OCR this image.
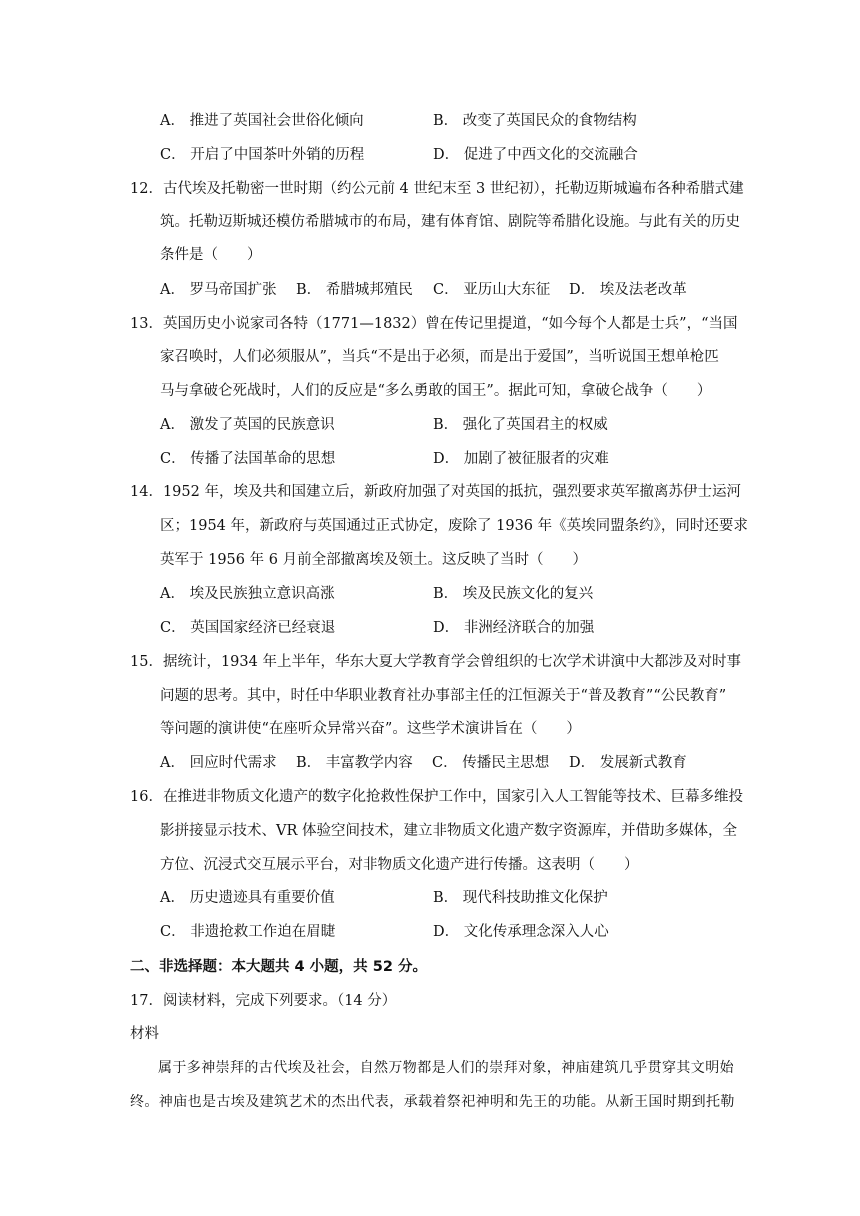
A． 推进了英国社会世俗化倾向	B． 改变了英国民众的食物结构
C． 开启了中国茶叶外销的历程	D． 促进了中西文化的交流融合
12．古代埃及托勒密一世时期（约公元前 4 世纪末至 3 世纪初），托勒迈斯城遍布各种希腊式建
筑。托勒迈斯城还模仿希腊城市的布局，建有体育馆、剧院等希腊化设施。与此有关的历史
条件是（　　）
A． 罗马帝国扩张 B． 希腊城邦殖民 C． 亚历山大东征 D． 埃及法老改革
13．英国历史小说家司各特（1771—1832）曾在传记里提道，“如今每个人都是士兵”，“当国
家召唤时，人们必须服从”，当兵“不是出于必须，而是出于爱国”，当听说国王想单枪匹
马与拿破仑死战时，人们的反应是“多么勇敢的国王”。据此可知，拿破仑战争（　　）
A． 激发了英国的民族意识	B． 强化了英国君主的权威
C． 传播了法国革命的思想	D． 加剧了被征服者的灾难
14．1952 年，埃及共和国建立后，新政府加强了对英国的抵抗，强烈要求英军撤离苏伊士运河
区；1954 年，新政府与英国通过正式协定，废除了 1936 年《英埃同盟条约》，同时还要求
英军于 1956 年 6 月前全部撤离埃及领土。这反映了当时（　　）
A． 埃及民族独立意识高涨	B． 埃及民族文化的复兴
C． 英国国家经济已经衰退	D． 非洲经济联合的加强
15．据统计，1934 年上半年，华东大夏大学教育学会曾组织的七次学术讲演中大都涉及对时事
问题的思考。其中，时任中华职业教育社办事部主任的江恒源关于“普及教育”“公民教育”
等问题的演讲使“在座听众异常兴奋”。这些学术演讲旨在（　　）
A． 回应时代需求 B． 丰富教学内容 C． 传播民主思想 D． 发展新式教育
16．在推进非物质文化遗产的数字化抢救性保护工作中，国家引入人工智能等技术、巨幕多维投
影拼接显示技术、VR 体验空间技术，建立非物质文化遗产数字资源库，并借助多媒体，全
方位、沉浸式交互展示平台，对非物质文化遗产进行传播。这表明（　　）
A． 历史遗迹具有重要价值	B． 现代科技助推文化保护
C． 非遗抢救工作迫在眉睫	D． 文化传承理念深入人心
二、非选择题：本大题共 4 小题，共 52 分。
17．阅读材料，完成下列要求。（14 分）
材料
属于多神崇拜的古代埃及社会，自然万物都是人们的崇拜对象，神庙建筑几乎贯穿其文明始
终。神庙也是古埃及建筑艺术的杰出代表，承载着祭祀神明和先王的功能。从新王国时期到托勒
